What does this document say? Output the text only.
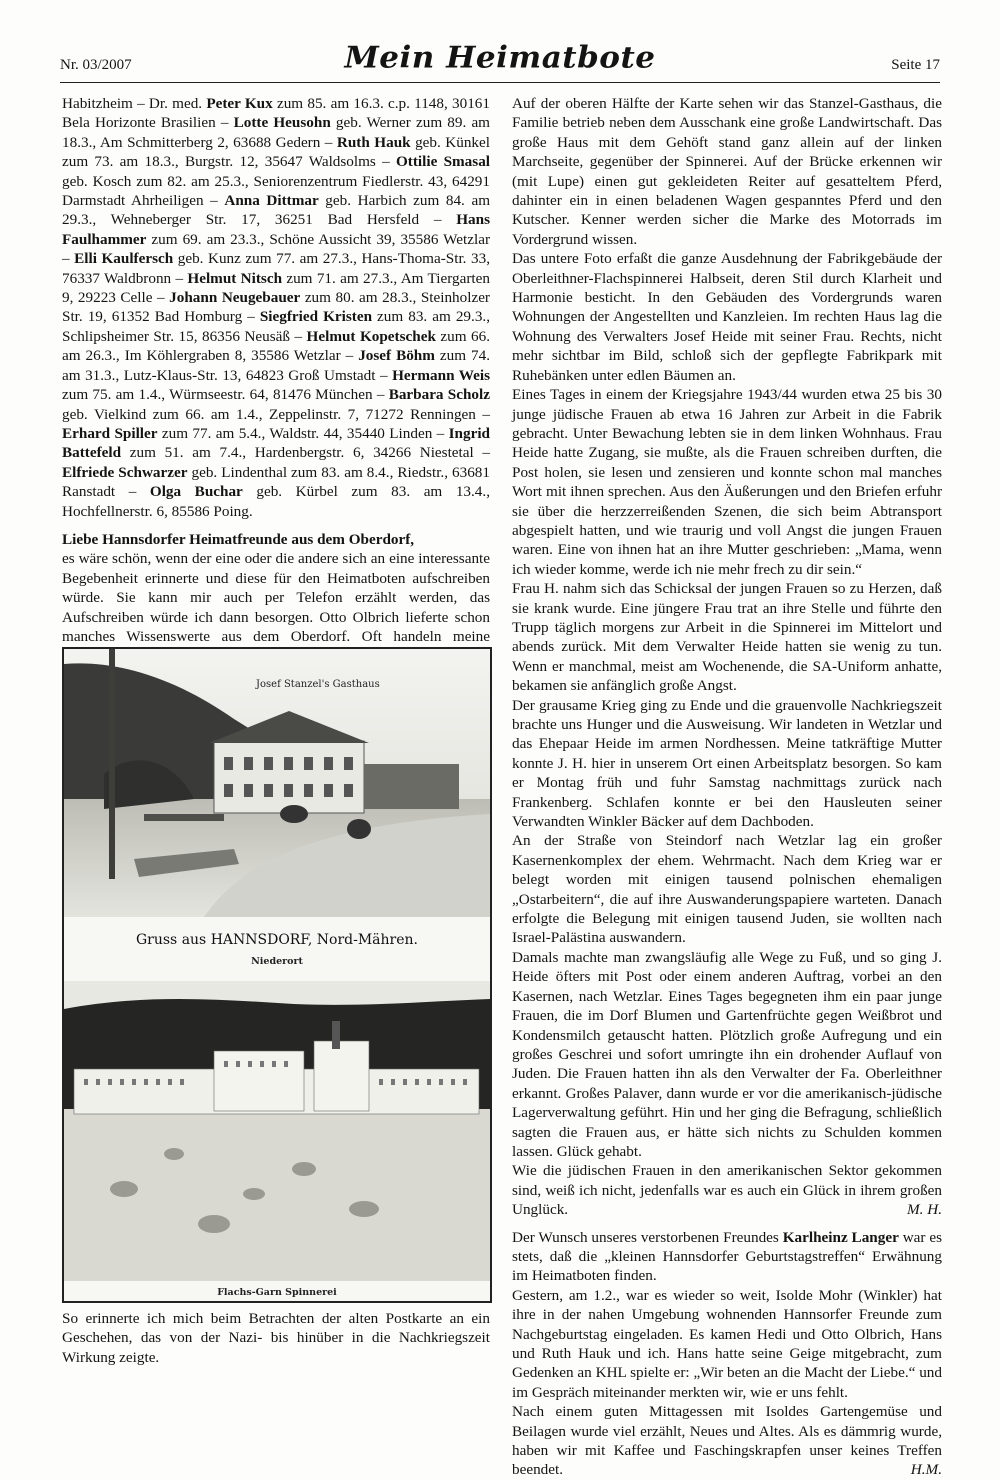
Nr. 03/2007	Mein Heimatbote	Seite 17

Habitzheim – Dr. med. Peter Kux zum 85. am 16.3. c.p. 1148, 30161 Bela Horizonte Brasilien – Lotte Heusohn geb. Werner zum 89. am 18.3., Am Schmitterberg 2, 63688 Gedern – Ruth Hauk geb. Künkel zum 73. am 18.3., Burgstr. 12, 35647 Waldsolms – Ottilie Smasal geb. Kosch zum 82. am 25.3., Seniorenzentrum Fiedlerstr. 43, 64291 Darmstadt Ahrheiligen – Anna Dittmar geb. Harbich zum 84. am 29.3., Wehneberger Str. 17, 36251 Bad Hersfeld – Hans Faulhammer zum 69. am 23.3., Schöne Aussicht 39, 35586 Wetzlar – Elli Kaulfersch geb. Kunz zum 77. am 27.3., Hans-Thoma-Str. 33, 76337 Waldbronn – Helmut Nitsch zum 71. am 27.3., Am Tiergarten 9, 29223 Celle – Johann Neugebauer zum 80. am 28.3., Steinholzer Str. 19, 61352 Bad Homburg – Siegfried Kristen zum 83. am 29.3., Schlipsheimer Str. 15, 86356 Neusäß – Helmut Kopetschek zum 66. am 26.3., Im Köhlergraben 8, 35586 Wetzlar – Josef Böhm zum 74. am 31.3., Lutz-Klaus-Str. 13, 64823 Groß Umstadt – Hermann Weis zum 75. am 1.4., Würmseestr. 64, 81476 München – Barbara Scholz geb. Vielkind zum 66. am 1.4., Zeppelinstr. 7, 71272 Renningen – Erhard Spiller zum 77. am 5.4., Waldstr. 44, 35440 Linden – Ingrid Battefeld zum 51. am 7.4., Hardenbergstr. 6, 34266 Niestetal – Elfriede Schwarzer geb. Lindenthal zum 83. am 8.4., Riedstr., 63681 Ranstadt – Olga Buchar geb. Kürbel zum 83. am 13.4., Hochfellnerstr. 6, 85586 Poing.

Liebe Hannsdorfer Heimatfreunde aus dem Oberdorf,

es wäre schön, wenn der eine oder die andere sich an eine interessante Begebenheit erinnerte und diese für den Heimatboten aufschreiben würde. Sie kann mir auch per Telefon erzählt werden, das Aufschreiben würde ich dann besorgen. Otto Olbrich lieferte schon manches Wissenswerte aus dem Oberdorf. Oft handeln meine

Josef Stanzel's Gasthaus
Gruss aus HANNSDORF, Nord-Mähren.
Niederort
Flachs-Garn Spinnerei
So erinnerte ich mich beim Betrachten der alten Postkarte an ein Geschehen, das von der Nazi- bis hinüber in die Nachkriegszeit Wirkung zeigte.

Auf der oberen Hälfte der Karte sehen wir das Stanzel-Gasthaus, die Familie betrieb neben dem Ausschank eine große Landwirtschaft. Das große Haus mit dem Gehöft stand ganz allein auf der linken Marchseite, gegenüber der Spinnerei. Auf der Brücke erkennen wir (mit Lupe) einen gut gekleideten Reiter auf gesatteltem Pferd, dahinter ein in einen beladenen Wagen gespanntes Pferd und den Kutscher. Kenner werden sicher die Marke des Motorrads im Vordergrund wissen.

Das untere Foto erfaßt die ganze Ausdehnung der Fabrikgebäude der Oberleithner-Flachspinnerei Halbseit, deren Stil durch Klarheit und Harmonie besticht. In den Gebäuden des Vordergrunds waren Wohnungen der Angestellten und Kanzleien. Im rechten Haus lag die Wohnung des Verwalters Josef Heide mit seiner Frau. Rechts, nicht mehr sichtbar im Bild, schloß sich der gepflegte Fabrikpark mit Ruhebänken unter edlen Bäumen an.

Eines Tages in einem der Kriegsjahre 1943/44 wurden etwa 25 bis 30 junge jüdische Frauen ab etwa 16 Jahren zur Arbeit in die Fabrik gebracht. Unter Bewachung lebten sie in dem linken Wohnhaus. Frau Heide hatte Zugang, sie mußte, als die Frauen schreiben durften, die Post holen, sie lesen und zensieren und konnte schon mal manches Wort mit ihnen sprechen. Aus den Äußerungen und den Briefen erfuhr sie über die herzzerreißenden Szenen, die sich beim Abtransport abgespielt hatten, und wie traurig und voll Angst die jungen Frauen waren. Eine von ihnen hat an ihre Mutter geschrieben: „Mama, wenn ich wieder komme, werde ich nie mehr frech zu dir sein.“

Frau H. nahm sich das Schicksal der jungen Frauen so zu Herzen, daß sie krank wurde. Eine jüngere Frau trat an ihre Stelle und führte den Trupp täglich morgens zur Arbeit in die Spinnerei im Mittelort und abends zurück. Mit dem Verwalter Heide hatten sie wenig zu tun. Wenn er manchmal, meist am Wochenende, die SA-Uniform anhatte, bekamen sie anfänglich große Angst.

Der grausame Krieg ging zu Ende und die grauenvolle Nachkriegszeit brachte uns Hunger und die Ausweisung. Wir landeten in Wetzlar und das Ehepaar Heide im armen Nordhessen. Meine tatkräftige Mutter konnte J. H. hier in unserem Ort einen Arbeitsplatz besorgen. So kam er Montag früh und fuhr Samstag nachmittags zurück nach Frankenberg. Schlafen konnte er bei den Hausleuten seiner Verwandten Winkler Bäcker auf dem Dachboden.

An der Straße von Steindorf nach Wetzlar lag ein großer Kasernenkomplex der ehem. Wehrmacht. Nach dem Krieg war er belegt worden mit einigen tausend polnischen ehemaligen „Ostarbeitern“, die auf ihre Auswanderungspapiere warteten. Danach erfolgte die Belegung mit einigen tausend Juden, sie wollten nach Israel-Palästina auswandern.

Damals machte man zwangsläufig alle Wege zu Fuß, und so ging J. Heide öfters mit Post oder einem anderen Auftrag, vorbei an den Kasernen, nach Wetzlar. Eines Tages begegneten ihm ein paar junge Frauen, die im Dorf Blumen und Gartenfrüchte gegen Weißbrot und Kondensmilch getauscht hatten. Plötzlich große Aufregung und ein großes Geschrei und sofort umringte ihn ein drohender Auflauf von Juden. Die Frauen hatten ihn als den Verwalter der Fa. Oberleithner erkannt. Großes Palaver, dann wurde er vor die amerikanisch-jüdische Lagerverwaltung geführt. Hin und her ging die Befragung, schließlich sagten die Frauen aus, er hätte sich nichts zu Schulden kommen lassen. Glück gehabt.

Wie die jüdischen Frauen in den amerikanischen Sektor gekommen sind, weiß ich nicht, jedenfalls war es auch ein Glück in ihrem großen Unglück.	M. H.

Der Wunsch unseres verstorbenen Freundes Karlheinz Langer war es stets, daß die „kleinen Hannsdorfer Geburtstagstreffen“ Erwähnung im Heimatboten finden.

Gestern, am 1.2., war es wieder so weit, Isolde Mohr (Winkler) hat ihre in der nahen Umgebung wohnenden Hannsorfer Freunde zum Nachgeburtstag eingeladen. Es kamen Hedi und Otto Olbrich, Hans und Ruth Hauk und ich. Hans hatte seine Geige mitgebracht, zum Gedenken an KHL spielte er: „Wir beten an die Macht der Liebe.“ und im Gespräch miteinander merkten wir, wie er uns fehlt.

Nach einem guten Mittagessen mit Isoldes Gartengemüse und Beilagen wurde viel erzählt, Neues und Altes. Als es dämmrig wurde, haben wir mit Kaffee und Faschingskrapfen unser keines Treffen beendet.	H.M.
